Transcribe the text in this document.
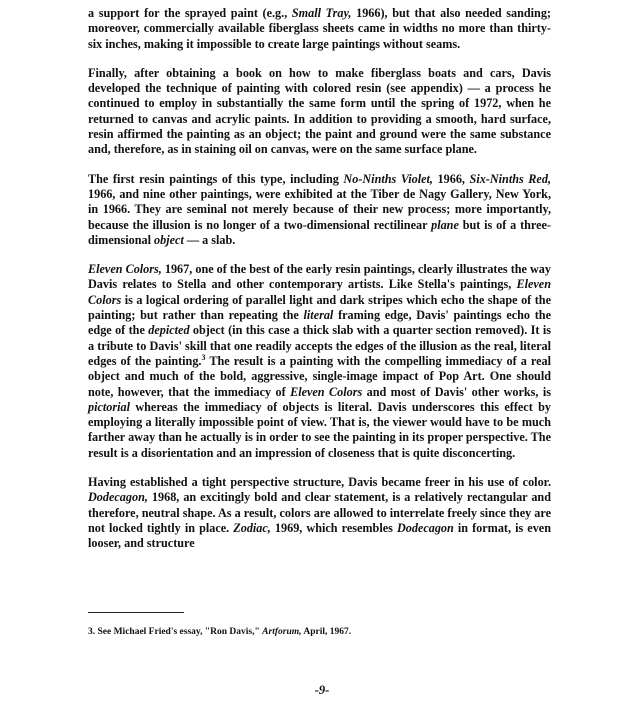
a support for the sprayed paint (e.g., Small Tray, 1966), but that also needed sanding; moreover, commercially available fiberglass sheets came in widths no more than thirty-six inches, making it impossible to create large paintings without seams.

Finally, after obtaining a book on how to make fiberglass boats and cars, Davis developed the technique of painting with colored resin (see appendix) — a process he continued to employ in substantially the same form until the spring of 1972, when he returned to canvas and acrylic paints. In addition to providing a smooth, hard surface, resin affirmed the painting as an object; the paint and ground were the same substance and, therefore, as in staining oil on canvas, were on the same surface plane.

The first resin paintings of this type, including No-Ninths Violet, 1966, Six-Ninths Red, 1966, and nine other paintings, were exhibited at the Tiber de Nagy Gallery, New York, in 1966. They are seminal not merely because of their new process; more importantly, because the illusion is no longer of a two-dimensional rectilinear plane but is of a three-dimensional object — a slab.

Eleven Colors, 1967, one of the best of the early resin paintings, clearly illustrates the way Davis relates to Stella and other contemporary artists. Like Stella's paintings, Eleven Colors is a logical ordering of parallel light and dark stripes which echo the shape of the painting; but rather than repeating the literal framing edge, Davis' paintings echo the edge of the depicted object (in this case a thick slab with a quarter section removed). It is a tribute to Davis' skill that one readily accepts the edges of the illusion as the real, literal edges of the painting.$^3$ The result is a painting with the compelling immediacy of a real object and much of the bold, aggressive, single-image impact of Pop Art. One should note, however, that the immediacy of Eleven Colors and most of Davis' other works, is pictorial whereas the immediacy of objects is literal. Davis underscores this effect by employing a literally impossible point of view. That is, the viewer would have to be much farther away than he actually is in order to see the painting in its proper perspective. The result is a disorientation and an impression of closeness that is quite disconcerting.

Having established a tight perspective structure, Davis became freer in his use of color. Dodecagon, 1968, an excitingly bold and clear statement, is a relatively rectangular and therefore, neutral shape. As a result, colors are allowed to interrelate freely since they are not locked tightly in place. Zodiac, 1969, which resembles Dodecagon in format, is even looser, and structure

3. See Michael Fried's essay, "Ron Davis," Artforum, April, 1967.
-9-
